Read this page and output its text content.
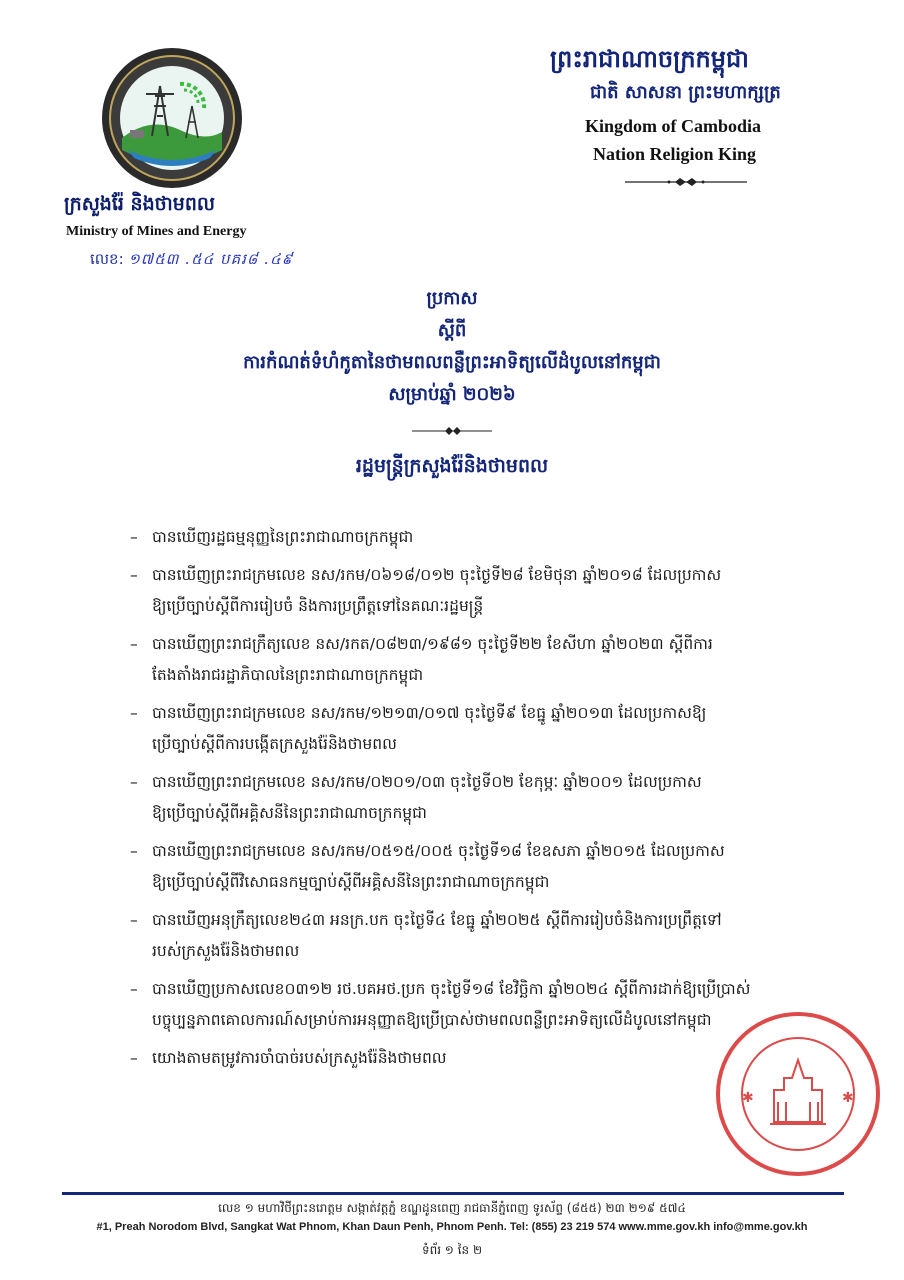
ក្រសួងរ៉ែ និងថាមពល
Ministry of Mines and Energy
លេខ: ១៧៥៣ .៥៤ បគរ៨ .៤៩
ព្រះរាជាណាចក្រកម្ពុជា
ជាតិ សាសនា ព្រះមហាក្សត្រ
Kingdom of Cambodia
Nation Religion King
ប្រកាស
ស្តីពី
ការកំណត់ទំហំកូតានៃថាមពលពន្លឺព្រះអាទិត្យលើដំបូលនៅកម្ពុជា
សម្រាប់ឆ្នាំ ២០២៦
រដ្ឋមន្ត្រីក្រសួងរ៉ែនិងថាមពល
– បានឃើញរដ្ឋធម្មនុញ្ញនៃព្រះរាជាណាចក្រកម្ពុជា
– បានឃើញព្រះរាជក្រមលេខ នស/រកម/០៦១៨/០១២ ចុះថ្ងៃទី២៨ ខែមិថុនា ឆ្នាំ២០១៨ ដែលប្រកាស
ឱ្យប្រើច្បាប់ស្តីពីការរៀបចំ និងការប្រព្រឹត្តទៅនៃគណៈរដ្ឋមន្ត្រី
– បានឃើញព្រះរាជក្រឹត្យលេខ នស/រកត/០៨២៣/១៩៨១ ចុះថ្ងៃទី២២ ខែសីហា ឆ្នាំ២០២៣ ស្តីពីការ
តែងតាំងរាជរដ្ឋាភិបាលនៃព្រះរាជាណាចក្រកម្ពុជា
– បានឃើញព្រះរាជក្រមលេខ នស/រកម/១២១៣/០១៧ ចុះថ្ងៃទី៩ ខែធ្នូ ឆ្នាំ២០១៣ ដែលប្រកាសឱ្យ
ប្រើច្បាប់ស្តីពីការបង្កើតក្រសួងរ៉ែនិងថាមពល
– បានឃើញព្រះរាជក្រមលេខ នស/រកម/០២០១/០៣ ចុះថ្ងៃទី០២ ខែកុម្ភៈ ឆ្នាំ២០០១ ដែលប្រកាស
ឱ្យប្រើច្បាប់ស្តីពីអគ្គិសនីនៃព្រះរាជាណាចក្រកម្ពុជា
– បានឃើញព្រះរាជក្រមលេខ នស/រកម/០៥១៥/០០៥ ចុះថ្ងៃទី១៨ ខែឧសភា ឆ្នាំ២០១៥ ដែលប្រកាស
ឱ្យប្រើច្បាប់ស្តីពីវិសោធនកម្មច្បាប់ស្តីពីអគ្គិសនីនៃព្រះរាជាណាចក្រកម្ពុជា
– បានឃើញអនុក្រឹត្យលេខ២៤៣ អនក្រ.បក ចុះថ្ងៃទី៤ ខែធ្នូ ឆ្នាំ២០២៥ ស្តីពីការរៀបចំនិងការប្រព្រឹត្តទៅ
របស់ក្រសួងរ៉ែនិងថាមពល
– បានឃើញប្រកាសលេខ០៣១២ រថ.បគអថ.ប្រក ចុះថ្ងៃទី១៨ ខែវិច្ឆិកា ឆ្នាំ២០២៤ ស្តីពីការដាក់ឱ្យប្រើប្រាស់
បច្ចុប្បន្នភាពគោលការណ៍សម្រាប់ការអនុញ្ញាតឱ្យប្រើប្រាស់ថាមពលពន្លឺព្រះអាទិត្យលើដំបូលនៅកម្ពុជា
– យោងតាមតម្រូវការចាំបាច់របស់ក្រសួងរ៉ែនិងថាមពល
✱	✱
លេខ ១ មហាវិថីព្រះនរោត្តម សង្កាត់វត្តភ្នំ ខណ្ឌដូនពេញ រាជធានីភ្នំពេញ ទូរស័ព្ទ (៨៥៥) ២៣ ២១៩ ៥៧៤
#1, Preah Norodom Blvd, Sangkat Wat Phnom, Khan Daun Penh, Phnom Penh. Tel: (855) 23 219 574 www.mme.gov.kh info@mme.gov.kh
ទំព័រ ១ នៃ ២
